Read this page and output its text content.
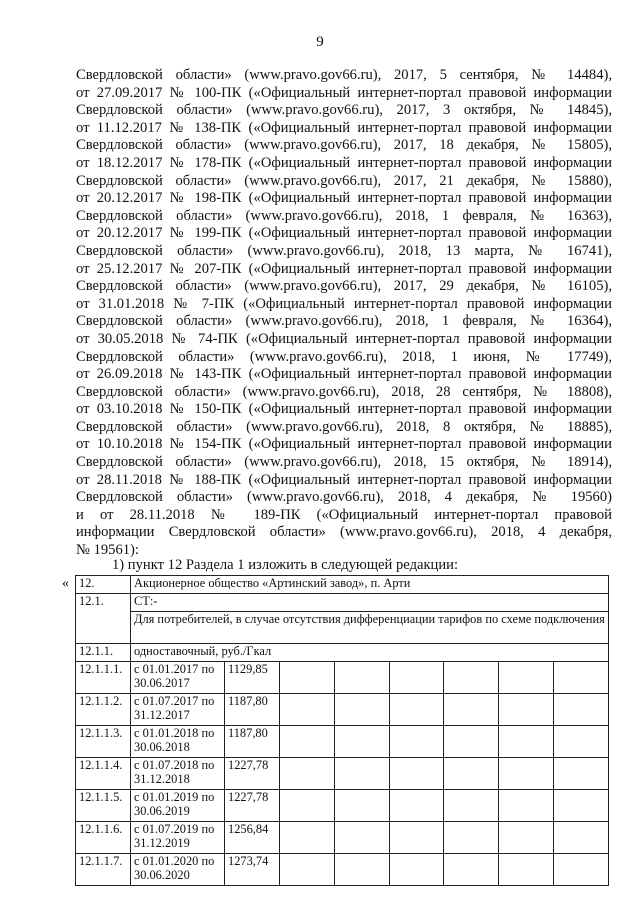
9
Свердловской области» (www.pravo.gov66.ru), 2017, 5 сентября, № 14484),
от 27.09.2017 № 100-ПК («Официальный интернет-портал правовой информации
Свердловской области» (www.pravo.gov66.ru), 2017, 3 октября, № 14845),
от 11.12.2017 № 138-ПК («Официальный интернет-портал правовой информации
Свердловской области» (www.pravo.gov66.ru), 2017, 18 декабря, № 15805),
от 18.12.2017 № 178-ПК («Официальный интернет-портал правовой информации
Свердловской области» (www.pravo.gov66.ru), 2017, 21 декабря, № 15880),
от 20.12.2017 № 198-ПК («Официальный интернет-портал правовой информации
Свердловской области» (www.pravo.gov66.ru), 2018, 1 февраля, № 16363),
от 20.12.2017 № 199-ПК («Официальный интернет-портал правовой информации
Свердловской области» (www.pravo.gov66.ru), 2018, 13 марта, № 16741),
от 25.12.2017 № 207-ПК («Официальный интернет-портал правовой информации
Свердловской области» (www.pravo.gov66.ru), 2017, 29 декабря, № 16105),
от 31.01.2018 № 7-ПК («Официальный интернет-портал правовой информации
Свердловской области» (www.pravo.gov66.ru), 2018, 1 февраля, № 16364),
от 30.05.2018 № 74-ПК («Официальный интернет-портал правовой информации
Свердловской области» (www.pravo.gov66.ru), 2018, 1 июня, № 17749),
от 26.09.2018 № 143-ПК («Официальный интернет-портал правовой информации
Свердловской области» (www.pravo.gov66.ru), 2018, 28 сентября, № 18808),
от 03.10.2018 № 150-ПК («Официальный интернет-портал правовой информации
Свердловской области» (www.pravo.gov66.ru), 2018, 8 октября, № 18885),
от 10.10.2018 № 154-ПК («Официальный интернет-портал правовой информации
Свердловской области» (www.pravo.gov66.ru), 2018, 15 октября, № 18914),
от 28.11.2018 № 188-ПК («Официальный интернет-портал правовой информации
Свердловской области» (www.pravo.gov66.ru), 2018, 4 декабря, № 19560)
и от 28.11.2018 № 189-ПК («Официальный интернет-портал правовой
информации Свердловской области» (www.pravo.gov66.ru), 2018, 4 декабря,
№ 19561):
1) пункт 12 Раздела 1 изложить в следующей редакции:
« 12.	Акционерное общество «Артинский завод», п. Арти							
12.1.	СТ:-							
	Для потребителей, в случае отсутствия дифференциации тарифов по схеме подключения							
12.1.1.	одноставочный, руб./Гкал							
12.1.1.1.	с 01.01.2017 по 30.06.2017	1129,85						
12.1.1.2.	с 01.07.2017 по 31.12.2017	1187,80						
12.1.1.3.	с 01.01.2018 по 30.06.2018	1187,80						
12.1.1.4.	с 01.07.2018 по 31.12.2018	1227,78						
12.1.1.5.	с 01.01.2019 по 30.06.2019	1227,78						
12.1.1.6.	с 01.07.2019 по 31.12.2019	1256,84						
12.1.1.7.	с 01.01.2020 по 30.06.2020	1273,74						
